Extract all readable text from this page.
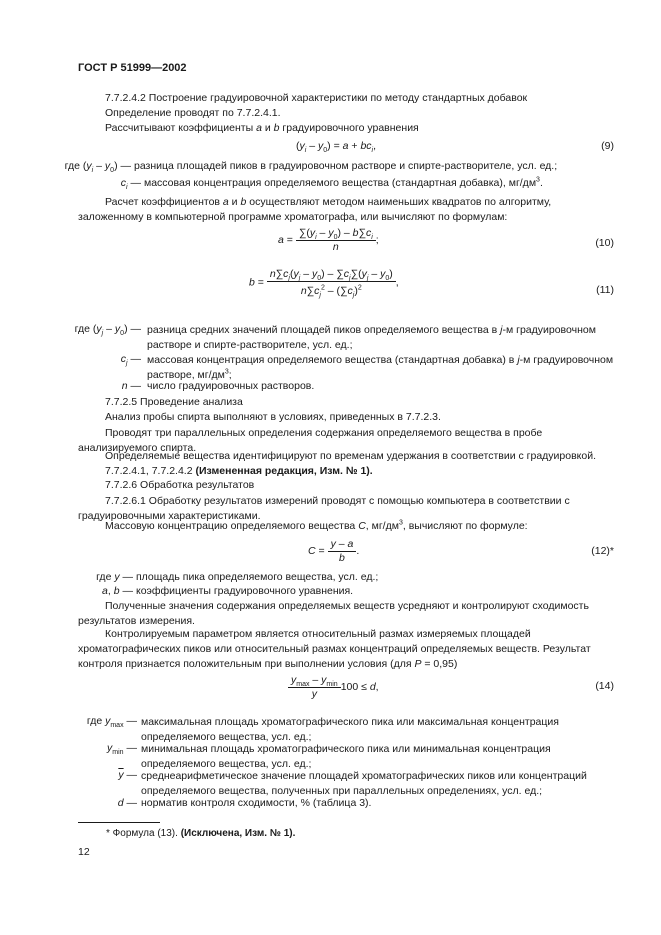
ГОСТ Р 51999—2002
7.7.2.4.2 Построение градуировочной характеристики по методу стандартных добавок
Определение проводят по 7.7.2.4.1.
Рассчитывают коэффициенты a и b градуировочного уравнения
$(y_i - y_0) = a + bc_i$,	(9)
где $(y_i - y_0)$ — разница площадей пиков в градуировочном растворе и спирте-растворителе, усл. ед.;
$c_i$ — массовая концентрация определяемого вещества (стандартная добавка), $мг/дм^3$.
Расчет коэффициентов a и b осуществляют методом наименьших квадратов по алгоритму, заложенному в компьютерной программе хроматографа, или вычисляют по формулам:
$a = \frac{\sum(y_i - y_0) - b\sum c_i}{n}$ ;	(10)
$b = \frac{n\sum c_j(y_j - y_0) - \sum c_j\sum(y_j - y_0)}{n\sum c_j^2 - (\sum c_j)^2}$ ,
(11)
где $(y_j - y_0)$ — разница средних значений площадей пиков определяемого вещества в j-м градуировочном растворе и спирте-растворителе, усл. ед.;
$c_j$ — массовая концентрация определяемого вещества (стандартная добавка) в j-м градуировочном растворе, $мг/дм^3$;
n — число градуировочных растворов.
7.7.2.5 Проведение анализа
Анализ пробы спирта выполняют в условиях, приведенных в 7.7.2.3.
Проводят три параллельных определения содержания определяемого вещества в пробе анализируемого спирта.
Определяемые вещества идентифицируют по временам удержания в соответствии с градуировкой.
7.7.2.4.1, 7.7.2.4.2 (Измененная редакция, Изм. № 1).
7.7.2.6 Обработка результатов
7.7.2.6.1 Обработку результатов измерений проводят с помощью компьютера в соответствии с градуировочными характеристиками.
Массовую концентрацию определяемого вещества C, $мг/дм^3$, вычисляют по формуле:
$C = \frac{y - a}{b}$ .	(12)*
где y — площадь пика определяемого вещества, усл. ед.;
a, b — коэффициенты градуировочного уравнения.
Полученные значения содержания определяемых веществ усредняют и контролируют сходимость результатов измерения.
Контролируемым параметром является относительный размах измеряемых площадей хроматографических пиков или относительный размах концентраций определяемых веществ. Результат контроля признается положительным при выполнении условия (для P = 0,95)
$\frac{y_{max} - y_{min}}{y} 100 \le d$,	(14)
где $y_{max}$ — максимальная площадь хроматографического пика или максимальная концентрация определяемого вещества, усл. ед.;
$y_{min}$ — минимальная площадь хроматографического пика или минимальная концентрация определяемого вещества, усл. ед.;
$\overline{y}$ — среднеарифметическое значение площадей хроматографических пиков или концентраций определяемого вещества, полученных при параллельных определениях, усл. ед.;
d — норматив контроля сходимости, % (таблица 3).
* Формула (13). (Исключена, Изм. № 1).
12
